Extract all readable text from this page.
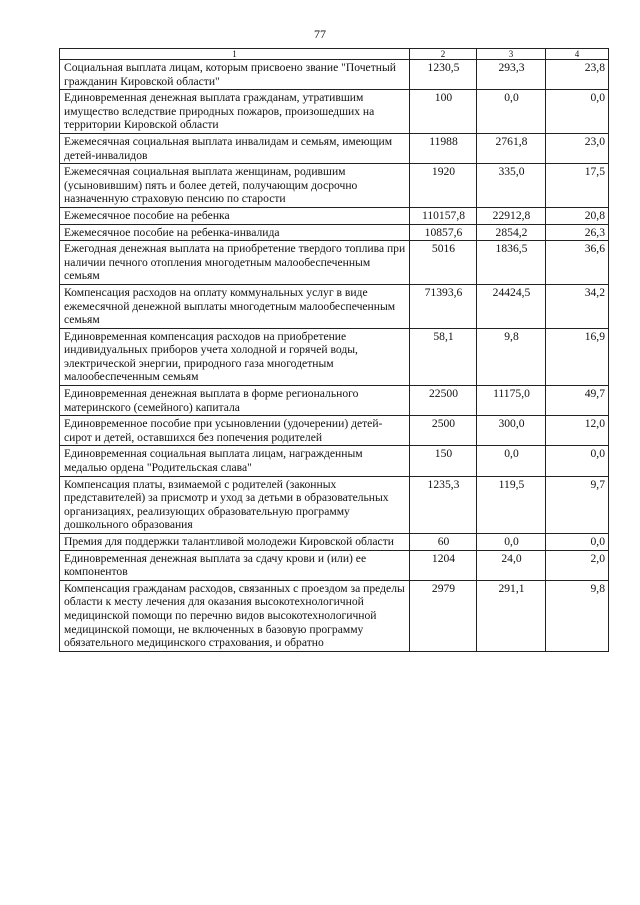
77
1	2	3	4
Социальная выплата лицам, которым присвоено звание "Почетный гражданин Кировской области"	1230,5	293,3	23,8
Единовременная денежная выплата гражданам, утратившим имущество вследствие природных пожаров, произошедших на территории Кировской области	100	0,0	0,0
Ежемесячная социальная выплата инвалидам и семьям, имеющим детей-инвалидов	11988	2761,8	23,0
Ежемесячная социальная выплата женщинам, родившим (усыновившим) пять и более детей, получающим досрочно назначенную страховую пенсию по старости	1920	335,0	17,5
Ежемесячное пособие на ребенка	110157,8	22912,8	20,8
Ежемесячное пособие на ребенка-инвалида	10857,6	2854,2	26,3
Ежегодная денежная выплата на приобретение твердого топлива при наличии печного отопления многодетным малообеспеченным семьям	5016	1836,5	36,6
Компенсация расходов на оплату коммунальных услуг в виде ежемесячной денежной выплаты многодетным малообеспеченным семьям	71393,6	24424,5	34,2
Единовременная компенсация расходов на приобретение индивидуальных приборов учета холодной и горячей воды, электрической энергии, природного газа многодетным малообеспеченным семьям	58,1	9,8	16,9
Единовременная денежная выплата в форме регионального материнского (семейного) капитала	22500	11175,0	49,7
Единовременное пособие при усыновлении (удочерении) детей-сирот и детей, оставшихся без попечения родителей	2500	300,0	12,0
Единовременная социальная выплата лицам, награжденным медалью ордена "Родительская слава"	150	0,0	0,0
Компенсация платы, взимаемой с родителей (законных представителей) за присмотр и уход за детьми в образовательных организациях, реализующих образовательную программу дошкольного образования	1235,3	119,5	9,7
Премия для поддержки талантливой молодежи Кировской области	60	0,0	0,0
Единовременная денежная выплата за сдачу крови и (или) ее компонентов	1204	24,0	2,0
Компенсация гражданам расходов, связанных с проездом за пределы области к месту лечения для оказания высокотехнологичной медицинской помощи по перечню видов высокотехнологичной медицинской помощи, не включенных в базовую программу обязательного медицинского страхования, и обратно	2979	291,1	9,8
